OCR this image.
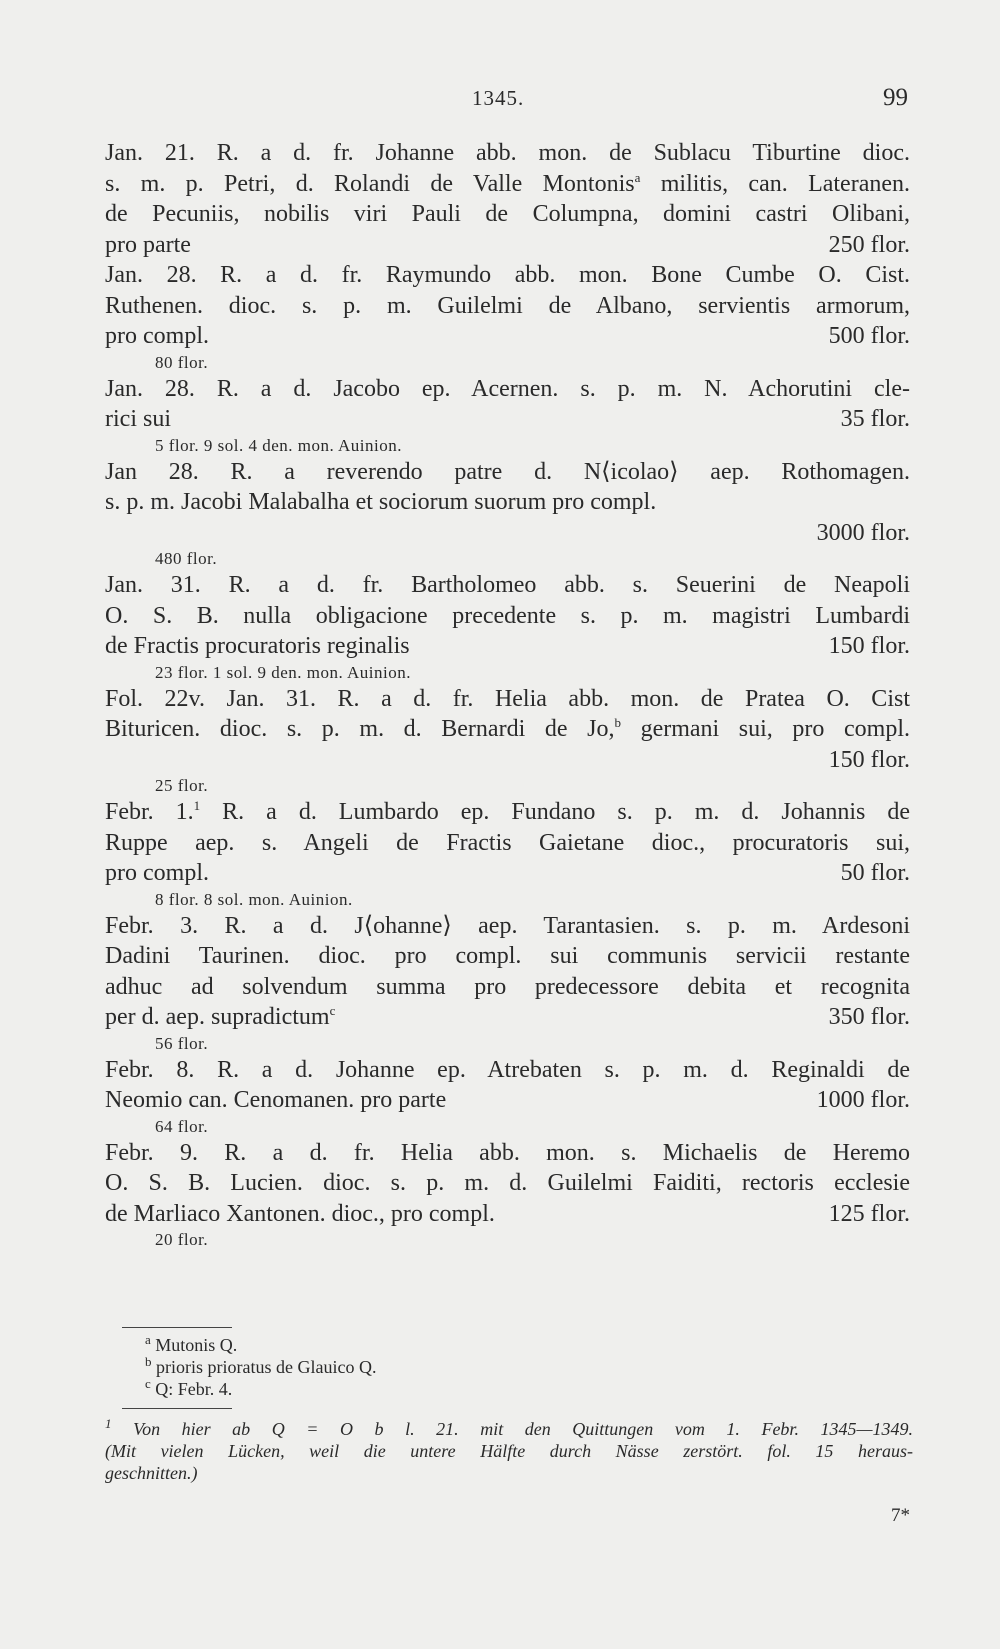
1345.	99
Jan. 21. R. a d. fr. Johanne abb. mon. de Sublacu Tiburtine dioc.
s. m. p. Petri, d. Rolandi de Valle Montonis$^a$ militis, can. Lateranen.
de Pecuniis, nobilis viri Pauli de Columpna, domini castri Olibani,
pro parte	250 flor.
Jan. 28. R. a d. fr. Raymundo abb. mon. Bone Cumbe O. Cist.
Ruthenen. dioc. s. p. m. Guilelmi de Albano, servientis armorum,
pro compl.	500 flor.
80 flor.
Jan. 28. R. a d. Jacobo ep. Acernen. s. p. m. N. Achorutini cle-
rici sui	35 flor.
5 flor. 9 sol. 4 den. mon. Auinion.
Jan 28. R. a reverendo patre d. N⟨icolao⟩ aep. Rothomagen.
s. p. m. Jacobi Malabalha et sociorum suorum pro compl.
3000 flor.
480 flor.
Jan. 31. R. a d. fr. Bartholomeo abb. s. Seuerini de Neapoli
O. S. B. nulla obligacione precedente s. p. m. magistri Lumbardi
de Fractis procuratoris reginalis	150 flor.
23 flor. 1 sol. 9 den. mon. Auinion.
Fol. 22v. Jan. 31. R. a d. fr. Helia abb. mon. de Pratea O. Cist
Bituricen. dioc. s. p. m. d. Bernardi de Jo,$^b$ germani sui, pro compl.
150 flor.
25 flor.
Febr. 1.$^1$ R. a d. Lumbardo ep. Fundano s. p. m. d. Johannis de
Ruppe aep. s. Angeli de Fractis Gaietane dioc., procuratoris sui,
pro compl.	50 flor.
8 flor. 8 sol. mon. Auinion.
Febr. 3. R. a d. J⟨ohanne⟩ aep. Tarantasien. s. p. m. Ardesoni
Dadini Taurinen. dioc. pro compl. sui communis servicii restante
adhuc ad solvendum summa pro predecessore debita et recognita
per d. aep. supradictum$^c$	350 flor.
56 flor.
Febr. 8. R. a d. Johanne ep. Atrebaten s. p. m. d. Reginaldi de
Neomio can. Cenomanen. pro parte	1000 flor.
64 flor.
Febr. 9. R. a d. fr. Helia abb. mon. s. Michaelis de Heremo
O. S. B. Lucien. dioc. s. p. m. d. Guilelmi Faiditi, rectoris ecclesie
de Marliaco Xantonen. dioc., pro compl.	125 flor.
20 flor.
$^a$ Mutonis Q.
$^b$ prioris prioratus de Glauico Q.
$^c$ Q: Febr. 4.
$^1$ Von hier ab Q = O b l. 21. mit den Quittungen vom 1. Febr. 1345—1349.
(Mit vielen Lücken, weil die untere Hälfte durch Nässe zerstört. fol. 15 heraus-
geschnitten.)
7*
